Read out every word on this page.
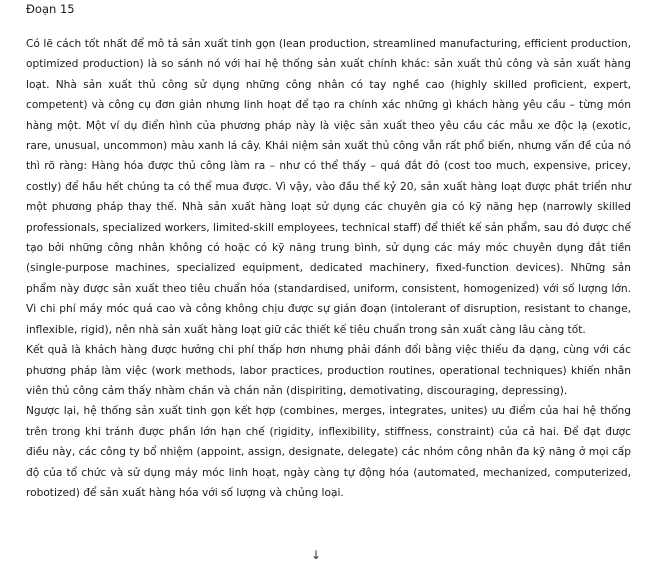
Đoạn 15

Có lẽ cách tốt nhất để mô tả sản xuất tinh gọn (lean production, streamlined manufacturing, efficient production, optimized production) là so sánh nó với hai hệ thống sản xuất chính khác: sản xuất thủ công và sản xuất hàng loạt. Nhà sản xuất thủ công sử dụng những công nhân có tay nghề cao (highly skilled proficient, expert, competent) và công cụ đơn giản nhưng linh hoạt để tạo ra chính xác những gì khách hàng yêu cầu – từng món hàng một. Một ví dụ điển hình của phương pháp này là việc sản xuất theo yêu cầu các mẫu xe độc lạ (exotic, rare, unusual, uncommon) màu xanh lá cây. Khái niệm sản xuất thủ công vẫn rất phổ biến, nhưng vấn đề của nó thì rõ ràng: Hàng hóa được thủ công làm ra – như có thể thấy – quá đắt đỏ (cost too much, expensive, pricey, costly) để hầu hết chúng ta có thể mua được. Vì vậy, vào đầu thế kỷ 20, sản xuất hàng loạt được phát triển như một phương pháp thay thế. Nhà sản xuất hàng loạt sử dụng các chuyên gia có kỹ năng hẹp (narrowly skilled professionals, specialized workers, limited-skill employees, technical staff) để thiết kế sản phẩm, sau đó được chế tạo bởi những công nhân không có hoặc có kỹ năng trung bình, sử dụng các máy móc chuyên dụng đắt tiền (single-purpose machines, specialized equipment, dedicated machinery, fixed-function devices). Những sản phẩm này được sản xuất theo tiêu chuẩn hóa (standardised, uniform, consistent, homogenized) với số lượng lớn. Vì chi phí máy móc quá cao và công không chịu được sự gián đoạn (intolerant of disruption, resistant to change, inflexible, rigid), nên nhà sản xuất hàng loạt giữ các thiết kế tiêu chuẩn trong sản xuất càng lâu càng tốt.

Kết quả là khách hàng được hưởng chi phí thấp hơn nhưng phải đánh đổi bằng việc thiếu đa dạng, cùng với các phương pháp làm việc (work methods, labor practices, production routines, operational techniques) khiến nhân viên thủ công cảm thấy nhàm chán và chán nản (dispiriting, demotivating, discouraging, depressing).

Ngược lại, hệ thống sản xuất tinh gọn kết hợp (combines, merges, integrates, unites) ưu điểm của hai hệ thống trên trong khi tránh được phần lớn hạn chế (rigidity, inflexibility, stiffness, constraint) của cả hai. Để đạt được điều này, các công ty bổ nhiệm (appoint, assign, designate, delegate) các nhóm công nhân đa kỹ năng ở mọi cấp độ của tổ chức và sử dụng máy móc linh hoạt, ngày càng tự động hóa (automated, mechanized, computerized, robotized) để sản xuất hàng hóa với số lượng và chủng loại.

↓
